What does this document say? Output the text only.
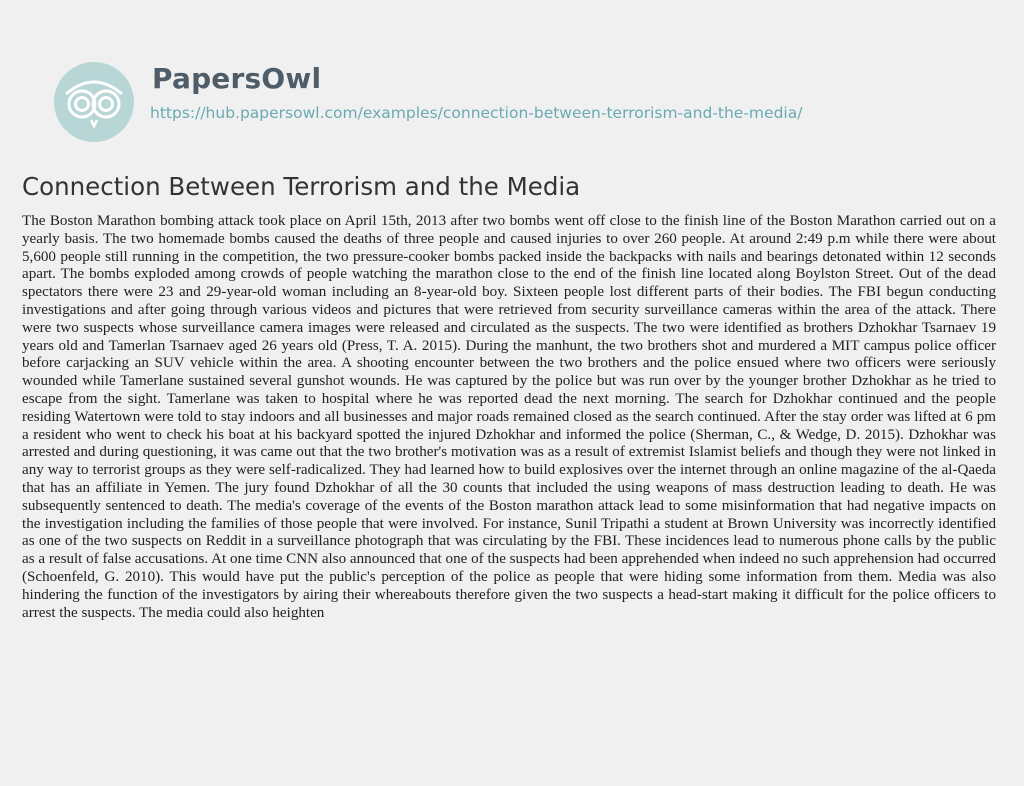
PapersOwl
https://hub.papersowl.com/examples/connection-between-terrorism-and-the-media/
Connection Between Terrorism and the Media

The Boston Marathon bombing attack took place on April 15th, 2013 after two bombs went off close to the finish line of the Boston Marathon carried out on a yearly basis. The two homemade bombs caused the deaths of three people and caused injuries to over 260 people. At around 2:49 p.m while there were about 5,600 people still running in the competition, the two pressure-cooker bombs packed inside the backpacks with nails and bearings detonated within 12 seconds apart. The bombs exploded among crowds of people watching the marathon close to the end of the finish line located along Boylston Street. Out of the dead spectators there were 23 and 29-year-old woman including an 8-year-old boy. Sixteen people lost different parts of their bodies. The FBI begun conducting investigations and after going through various videos and pictures that were retrieved from security surveillance cameras within the area of the attack. There were two suspects whose surveillance camera images were released and circulated as the suspects. The two were identified as brothers Dzhokhar Tsarnaev 19 years old and Tamerlan Tsarnaev aged 26 years old (Press, T. A. 2015). During the manhunt, the two brothers shot and murdered a MIT campus police officer before carjacking an SUV vehicle within the area. A shooting encounter between the two brothers and the police ensued where two officers were seriously wounded while Tamerlane sustained several gunshot wounds. He was captured by the police but was run over by the younger brother Dzhokhar as he tried to escape from the sight. Tamerlane was taken to hospital where he was reported dead the next morning. The search for Dzhokhar continued and the people residing Watertown were told to stay indoors and all businesses and major roads remained closed as the search continued. After the stay order was lifted at 6 pm a resident who went to check his boat at his backyard spotted the injured Dzhokhar and informed the police (Sherman, C., & Wedge, D. 2015). Dzhokhar was arrested and during questioning, it was came out that the two brother's motivation was as a result of extremist Islamist beliefs and though they were not linked in any way to terrorist groups as they were self-radicalized. They had learned how to build explosives over the internet through an online magazine of the al-Qaeda that has an affiliate in Yemen. The jury found Dzhokhar of all the 30 counts that included the using weapons of mass destruction leading to death. He was subsequently sentenced to death. The media's coverage of the events of the Boston marathon attack lead to some misinformation that had negative impacts on the investigation including the families of those people that were involved. For instance, Sunil Tripathi a student at Brown University was incorrectly identified as one of the two suspects on Reddit in a surveillance photograph that was circulating by the FBI. These incidences lead to numerous phone calls by the public as a result of false accusations. At one time CNN also announced that one of the suspects had been apprehended when indeed no such apprehension had occurred (Schoenfeld, G. 2010). This would have put the public's perception of the police as people that were hiding some information from them. Media was also hindering the function of the investigators by airing their whereabouts therefore given the two suspects a head-start making it difficult for the police officers to arrest the suspects. The media could also heighten
